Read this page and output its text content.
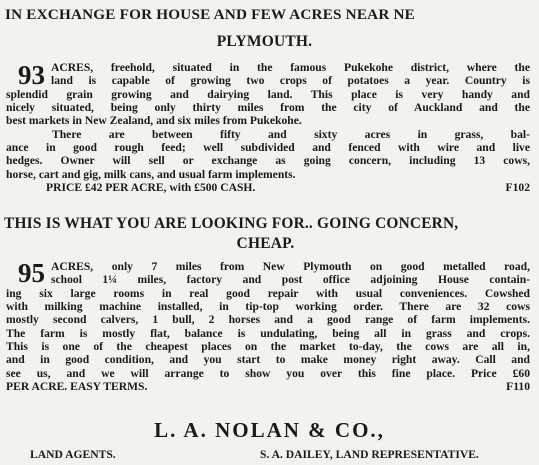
IN EXCHANGE FOR HOUSE AND FEW ACRES NEAR NE
PLYMOUTH.
93 ACRES, freehold, situated in the famous Pukekohe district, where the
land is capable of growing two crops of potatoes a year. Country is
splendid grain growing and dairying land. This place is very handy and
nicely situated, being only thirty miles from the city of Auckland and the
best markets in New Zealand, and six miles from Pukekohe.
There are between fifty and sixty acres in grass, bal-
ance in good rough feed; well subdivided and fenced with wire and live
hedges. Owner will sell or exchange as going concern, including 13 cows,
horse, cart and gig, milk cans, and usual farm implements.
PRICE £42 PER ACRE, with £500 CASH.	F102
THIS IS WHAT YOU ARE LOOKING FOR.. GOING CONCERN,
CHEAP.
95 ACRES, only 7 miles from New Plymouth on good metalled road,
school 1¼ miles, factory and post office adjoining House contain-
ing six large rooms in real good repair with usual conveniences. Cowshed
with milking machine installed, in tip-top working order. There are 32 cows
mostly second calvers, 1 bull, 2 horses and a good range of farm implements.
The farm is mostly flat, balance is undulating, being all in grass and crops.
This is one of the cheapest places on the market to-day, the cows are all in,
and in good condition, and you start to make money right away. Call and
see us, and we will arrange to show you over this fine place. Price £60
PER ACRE. EASY TERMS.	F110
L. A. NOLAN & CO.,
LAND AGENTS.	S. A. DAILEY, LAND REPRESENTATIVE.
